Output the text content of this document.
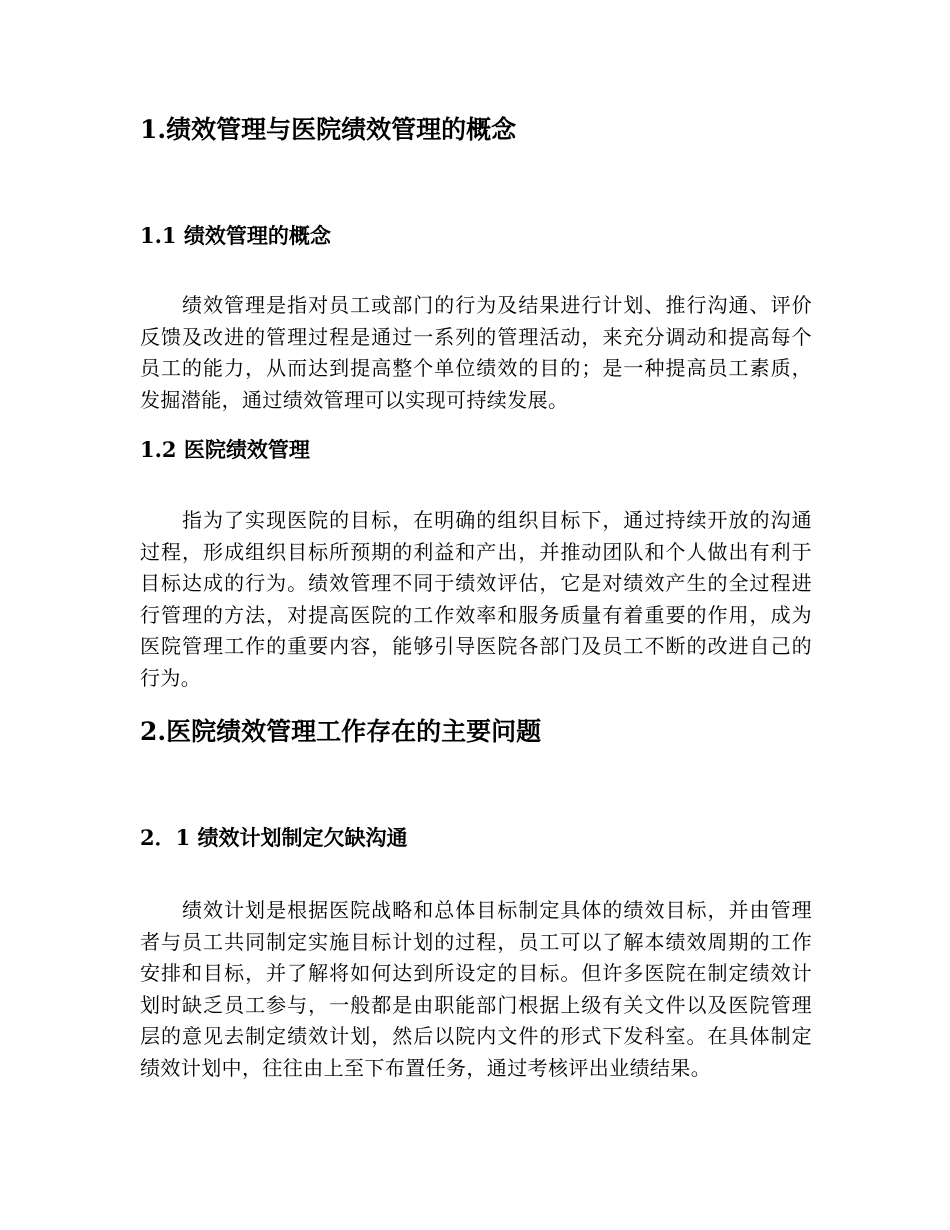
1.绩效管理与医院绩效管理的概念
1.1 绩效管理的概念

绩效管理是指对员工或部门的行为及结果进行计划、推行沟通、评价反馈及改进的管理过程是通过一系列的管理活动，来充分调动和提高每个员工的能力，从而达到提高整个单位绩效的目的；是一种提高员工素质，发掘潜能，通过绩效管理可以实现可持续发展。

1.2 医院绩效管理

指为了实现医院的目标，在明确的组织目标下，通过持续开放的沟通过程，形成组织目标所预期的利益和产出，并推动团队和个人做出有利于目标达成的行为。绩效管理不同于绩效评估，它是对绩效产生的全过程进行管理的方法，对提高医院的工作效率和服务质量有着重要的作用，成为医院管理工作的重要内容，能够引导医院各部门及员工不断的改进自己的行为。

2.医院绩效管理工作存在的主要问题
2．1 绩效计划制定欠缺沟通

绩效计划是根据医院战略和总体目标制定具体的绩效目标，并由管理者与员工共同制定实施目标计划的过程，员工可以了解本绩效周期的工作安排和目标，并了解将如何达到所设定的目标。但许多医院在制定绩效计划时缺乏员工参与，一般都是由职能部门根据上级有关文件以及医院管理层的意见去制定绩效计划，然后以院内文件的形式下发科室。在具体制定绩效计划中，往往由上至下布置任务，通过考核评出业绩结果。
